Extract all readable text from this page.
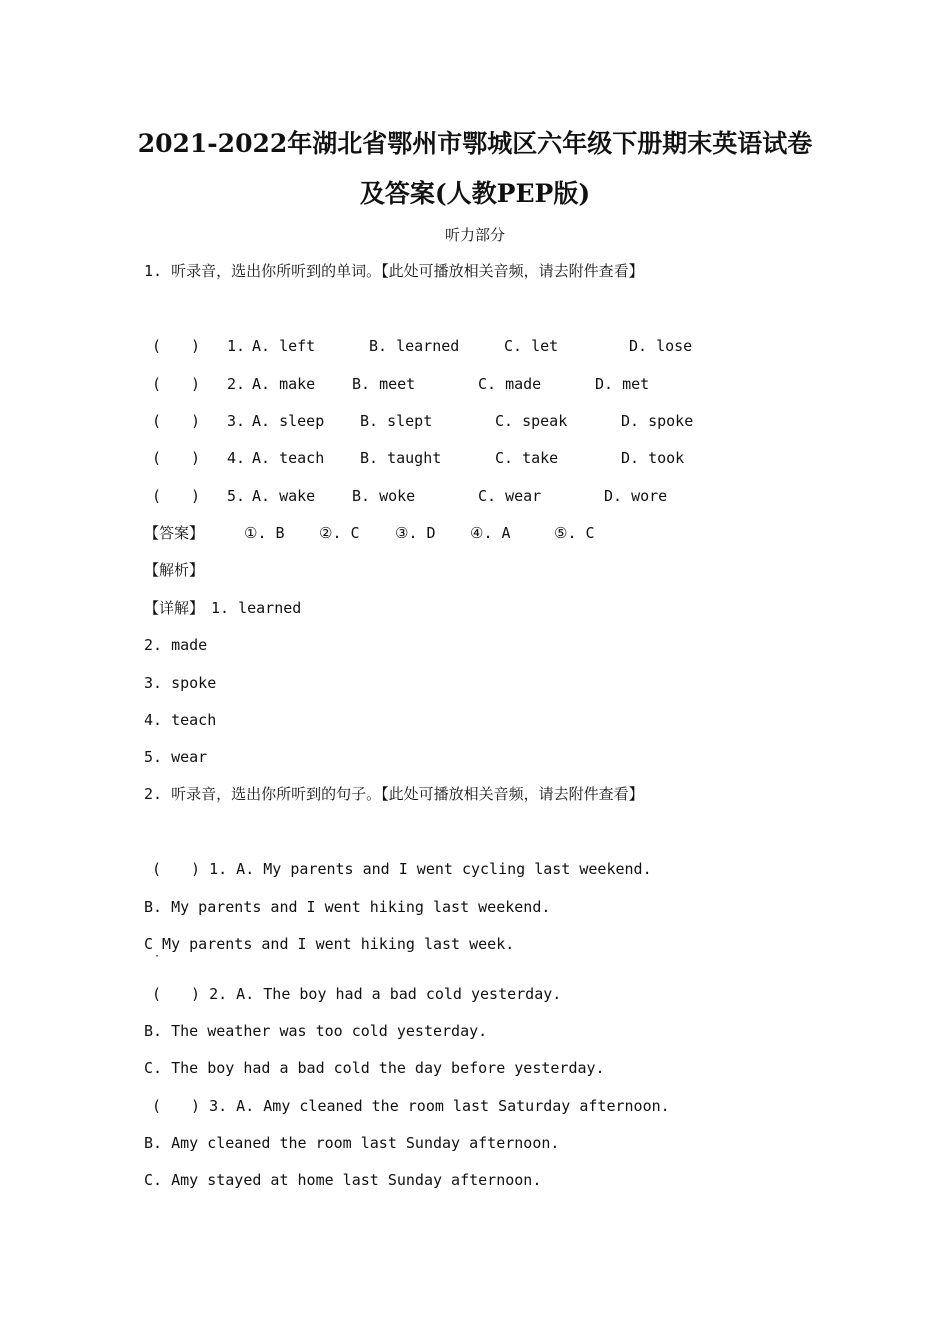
2021-2022年湖北省鄂州市鄂城区六年级下册期末英语试卷
及答案(人教PEP版)

听力部分

1. 听录音，选出你所听到的单词。【此处可播放相关音频，请去附件查看】

(　　) 1. A. left	B. learned	C. let	D. lose
(　　) 2. A. make B. meet	C. made	D. met
(　　) 3. A. sleep B. slept	C. speak	D. spoke
(　　) 4. A. teach B. taught	C. take	D. took
(　　) 5. A. wake B. woke	C. wear	D. wore
【答案】	①. B ②. C ③. D ④. A	⑤. C

【解析】

【详解】 1. learned

2. made

3. spoke

4. teach

5. wear

2. 听录音，选出你所听到的句子。【此处可播放相关音频，请去附件查看】

(　　) 1. A. My parents and I went cycling last weekend.

B. My parents and I went hiking last weekend.

C My parents and I went hiking last week.

·

(　　) 2. A. The boy had a bad cold yesterday.

B. The weather was too cold yesterday.

C. The boy had a bad cold the day before yesterday.

(　　) 3. A. Amy cleaned the room last Saturday afternoon.

B. Amy cleaned the room last Sunday afternoon.

C. Amy stayed at home last Sunday afternoon.
